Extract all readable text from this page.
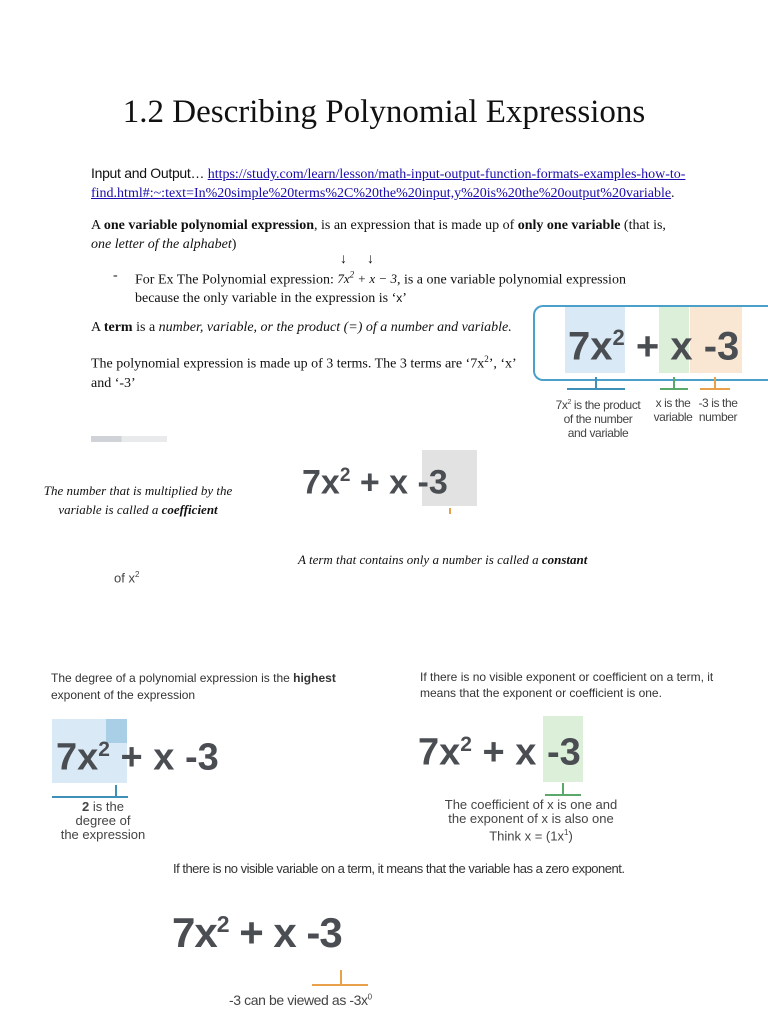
1.2 Describing Polynomial Expressions
Input and Output… https://study.com/learn/lesson/math-input-output-function-formats-examples-how-to-
find.html#:~:text=In%20simple%20terms%2C%20the%20input,y%20is%20the%20output%20variable.
A one variable polynomial expression, is an expression that is made up of only one variable (that is,
one letter of the alphabet)
- For Ex The Polynomial expression: $7x^2 + x - 3$, is a one variable polynomial expression
because the only variable in the expression is ‘x’
↓ ↓
A term is a number, variable, or the product (=) of a number and variable.
The polynomial expression is made up of 3 terms. The 3 terms are ‘$7x^2$’, ‘x’
and ‘-3’
$7x^2 + x$ -3
$7x^2$ is the product
of the number
and variable
x is the
variable
-3 is the
number
The number that is multiplied by the
variable is called a coefficient
of $x^2$
$7x^2 + x$ -3
A term that contains only a number is called a constant
The degree of a polynomial expression is the highest
exponent of the expression
$7x^2 + x$ -3
2 is the
degree of
the expression
If there is no visible exponent or coefficient on a term, it
means that the exponent or coefficient is one.
$7x^2 + x$ -3
The coefficient of x is one and
the exponent of x is also one
Think $x = (1x^1)$
If there is no visible variable on a term, it means that the variable has a zero exponent.
$7x^2 + x$ -3
-3 can be viewed as $-3x^0$
